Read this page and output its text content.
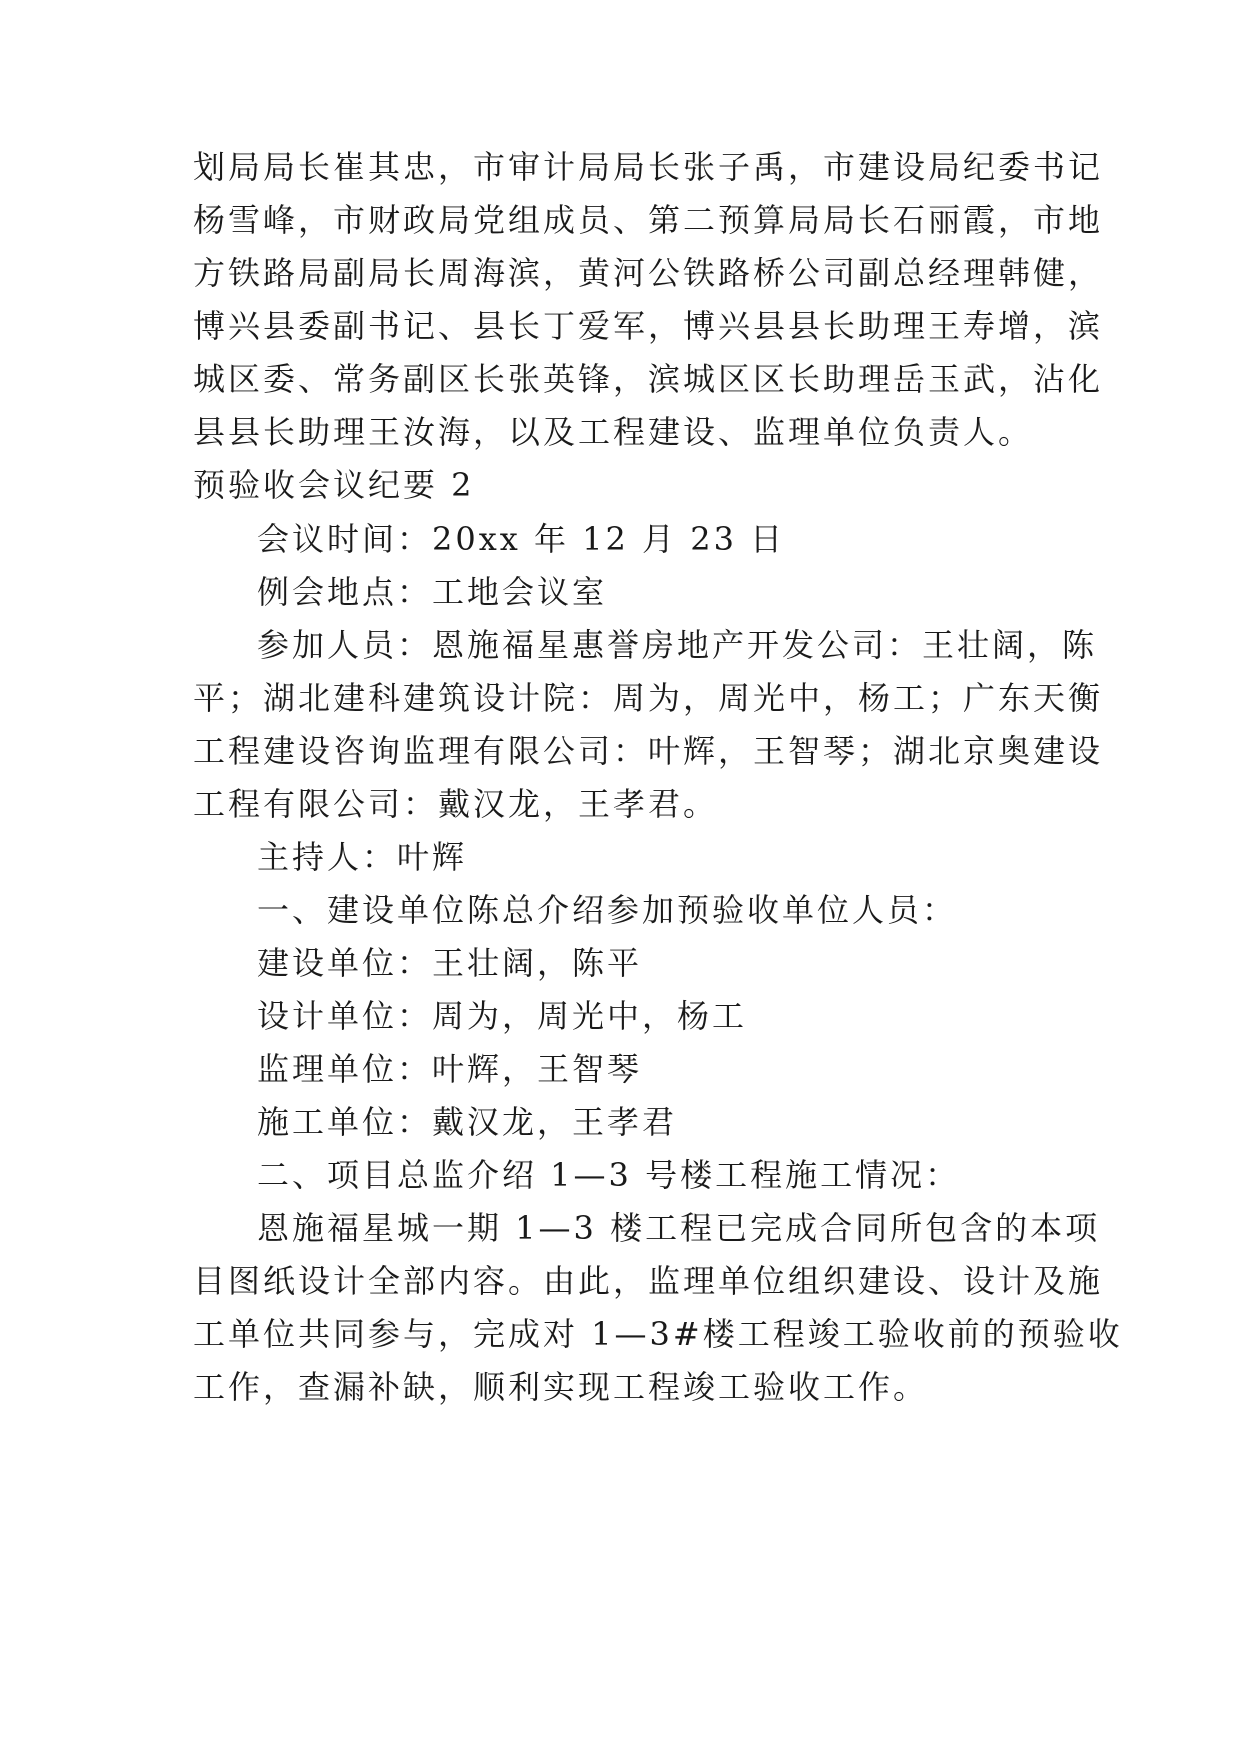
划局局长崔其忠，市审计局局长张子禹，市建设局纪委书记
杨雪峰，市财政局党组成员、第二预算局局长石丽霞，市地
方铁路局副局长周海滨，黄河公铁路桥公司副总经理韩健，
博兴县委副书记、县长丁爱军，博兴县县长助理王寿增，滨
城区委、常务副区长张英锋，滨城区区长助理岳玉武，沾化
县县长助理王汝海，以及工程建设、监理单位负责人。
预验收会议纪要 2
会议时间：20xx 年 12 月 23 日
例会地点：工地会议室
参加人员：恩施福星惠誉房地产开发公司：王壮阔，陈
平；湖北建科建筑设计院：周为，周光中，杨工；广东天衡
工程建设咨询监理有限公司：叶辉，王智琴；湖北京奥建设
工程有限公司：戴汉龙，王孝君。
主持人：叶辉
一、建设单位陈总介绍参加预验收单位人员：
建设单位：王壮阔，陈平
设计单位：周为，周光中，杨工
监理单位：叶辉，王智琴
施工单位：戴汉龙，王孝君
二、项目总监介绍 1—3 号楼工程施工情况：
恩施福星城一期 1—3 楼工程已完成合同所包含的本项
目图纸设计全部内容。由此，监理单位组织建设、设计及施
工单位共同参与，完成对 1—3#楼工程竣工验收前的预验收
工作，查漏补缺，顺利实现工程竣工验收工作。
